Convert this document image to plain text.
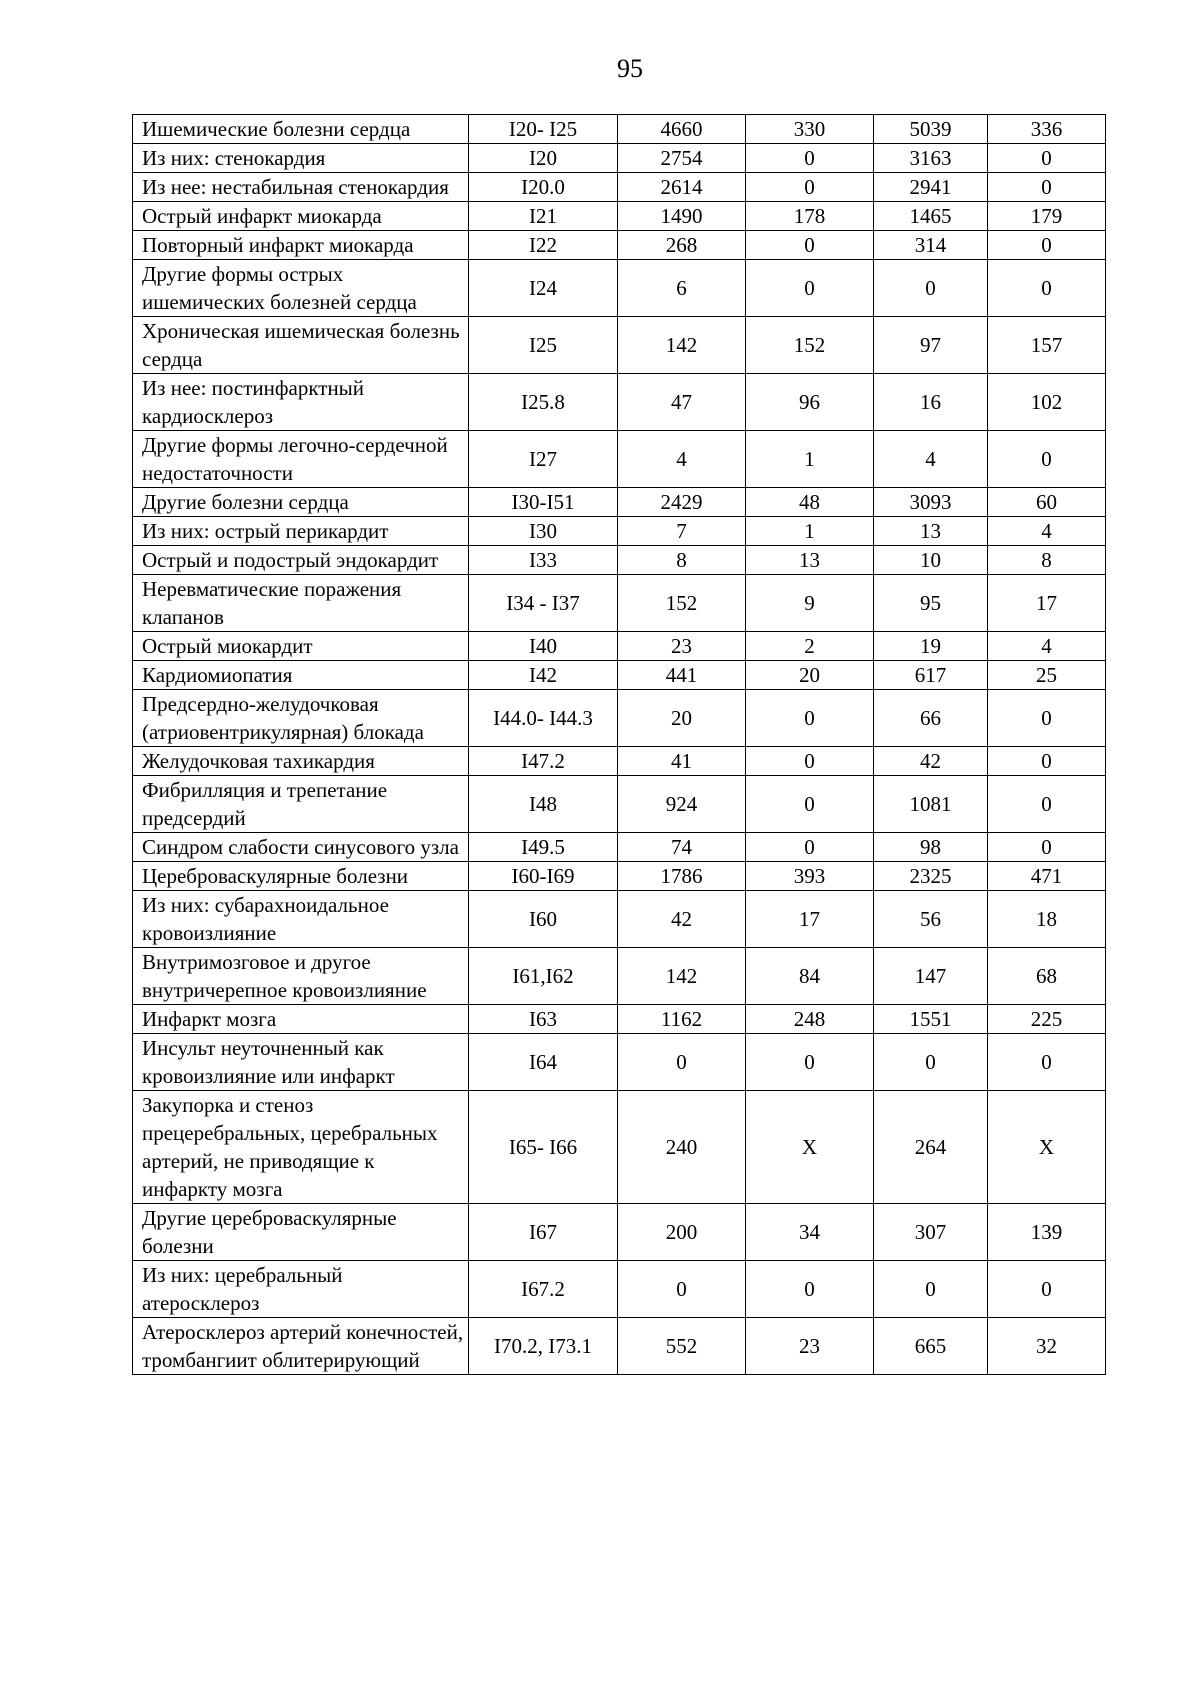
95
Ишемические болезни сердца	I20- I25	4660	330	5039	336
Из них: стенокардия	I20	2754	0	3163	0
Из нее: нестабильная стенокардия	I20.0	2614	0	2941	0
Острый инфаркт миокарда	I21	1490	178	1465	179
Повторный инфаркт миокарда	I22	268	0	314	0
Другие формы острых ишемических болезней сердца	I24	6	0	0	0
Хроническая ишемическая болезнь сердца	I25	142	152	97	157
Из нее: постинфарктный кардиосклероз	I25.8	47	96	16	102
Другие формы легочно-сердечной недостаточности	I27	4	1	4	0
Другие болезни сердца	I30-I51	2429	48	3093	60
Из них: острый перикардит	I30	7	1	13	4
Острый и подострый эндокардит	I33	8	13	10	8
Неревматические поражения клапанов	I34 - I37	152	9	95	17
Острый миокардит	I40	23	2	19	4
Кардиомиопатия	I42	441	20	617	25
Предсердно-желудочковая (атриовентрикулярная) блокада	I44.0- I44.3	20	0	66	0
Желудочковая тахикардия	I47.2	41	0	42	0
Фибрилляция и трепетание предсердий	I48	924	0	1081	0
Синдром слабости синусового узла	I49.5	74	0	98	0
Цереброваскулярные болезни	I60-I69	1786	393	2325	471
Из них: субарахноидальное кровоизлияние	I60	42	17	56	18
Внутримозговое и другое внутричерепное кровоизлияние	I61,I62	142	84	147	68
Инфаркт мозга	I63	1162	248	1551	225
Инсульт неуточненный как кровоизлияние или инфаркт	I64	0	0	0	0
Закупорка и стеноз прецеребральных, церебральных артерий, не приводящие к инфаркту мозга	I65- I66	240	X	264	X
Другие цереброваскулярные болезни	I67	200	34	307	139
Из них: церебральный атеросклероз	I67.2	0	0	0	0
Атеросклероз артерий конечностей, тромбангиит облитерирующий	I70.2, I73.1	552	23	665	32
